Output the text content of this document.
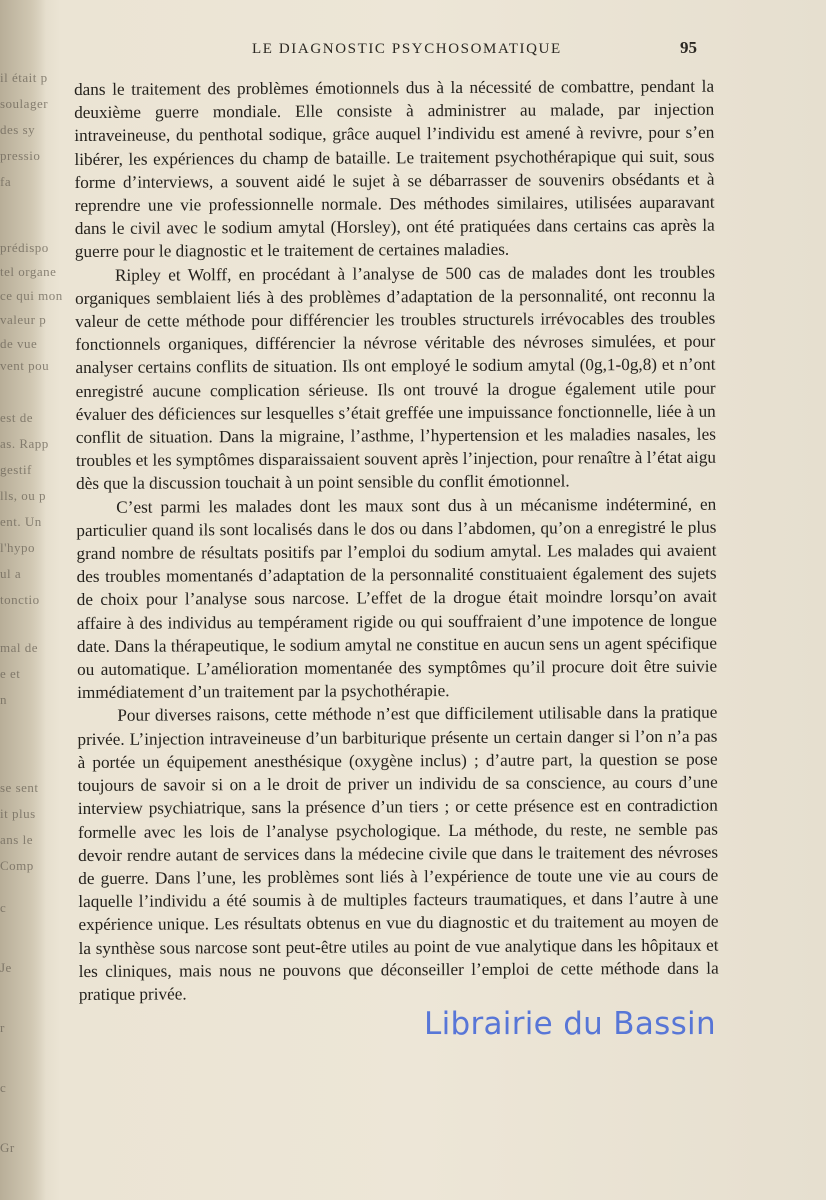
il était p
soulager
des sy
pressio
fa
prédispo
tel organe
ce qui mon
valeur p
de vue
vent pou
est de
as. Rapp
gestif
lls, ou p
ent. Un
l'hypo
ul a
tonctio
mal de
e et
n
se sent
it plus
ans le
Comp
c
Je
r
c
Gr
LE DIAGNOSTIC PSYCHOSOMATIQUE	95

dans le traitement des problèmes émotionnels dus à la nécessité de combattre, pendant la deuxième guerre mondiale. Elle consiste à administrer au malade, par injection intraveineuse, du penthotal sodique, grâce auquel l’individu est amené à revivre, pour s’en libérer, les expériences du champ de bataille. Le traitement psychothérapique qui suit, sous forme d’interviews, a souvent aidé le sujet à se débarrasser de souvenirs obsédants et à reprendre une vie professionnelle normale. Des méthodes similaires, utilisées auparavant dans le civil avec le sodium amytal (Horsley), ont été pratiquées dans certains cas après la guerre pour le diagnostic et le traitement de certaines maladies.

Ripley et Wolff, en procédant à l’analyse de 500 cas de malades dont les troubles organiques semblaient liés à des problèmes d’adaptation de la personnalité, ont reconnu la valeur de cette méthode pour différencier les troubles structurels irrévocables des troubles fonctionnels organiques, différencier la névrose véritable des névroses simulées, et pour analyser certains conflits de situation. Ils ont employé le sodium amytal (0g,1-0g,8) et n’ont enregistré aucune complication sérieuse. Ils ont trouvé la drogue également utile pour évaluer des déficiences sur lesquelles s’était greffée une impuissance fonctionnelle, liée à un conflit de situation. Dans la migraine, l’asthme, l’hypertension et les maladies nasales, les troubles et les symptômes disparaissaient souvent après l’injection, pour renaître à l’état aigu dès que la discussion touchait à un point sensible du conflit émotionnel.

C’est parmi les malades dont les maux sont dus à un mécanisme indéterminé, en particulier quand ils sont localisés dans le dos ou dans l’abdomen, qu’on a enregistré le plus grand nombre de résultats positifs par l’emploi du sodium amytal. Les malades qui avaient des troubles momentanés d’adaptation de la personnalité constituaient également des sujets de choix pour l’analyse sous narcose. L’effet de la drogue était moindre lorsqu’on avait affaire à des individus au tempérament rigide ou qui souffraient d’une impotence de longue date. Dans la thérapeutique, le sodium amytal ne constitue en aucun sens un agent spécifique ou automatique. L’amélioration momentanée des symptômes qu’il procure doit être suivie immédiatement d’un traitement par la psychothérapie.

Pour diverses raisons, cette méthode n’est que difficilement utilisable dans la pratique privée. L’injection intraveineuse d’un barbiturique présente un certain danger si l’on n’a pas à portée un équipement anesthésique (oxygène inclus) ; d’autre part, la question se pose toujours de savoir si on a le droit de priver un individu de sa conscience, au cours d’une interview psychiatrique, sans la présence d’un tiers ; or cette présence est en contradiction formelle avec les lois de l’analyse psychologique. La méthode, du reste, ne semble pas devoir rendre autant de services dans la médecine civile que dans le traitement des névroses de guerre. Dans l’une, les problèmes sont liés à l’expérience de toute une vie au cours de laquelle l’individu a été soumis à de multiples facteurs traumatiques, et dans l’autre à une expérience unique. Les résultats obtenus en vue du diagnostic et du traitement au moyen de la synthèse sous narcose sont peut-être utiles au point de vue analytique dans les hôpitaux et les cliniques, mais nous ne pouvons que déconseiller l’emploi de cette méthode dans la pratique privée.

Librairie du Bassin
